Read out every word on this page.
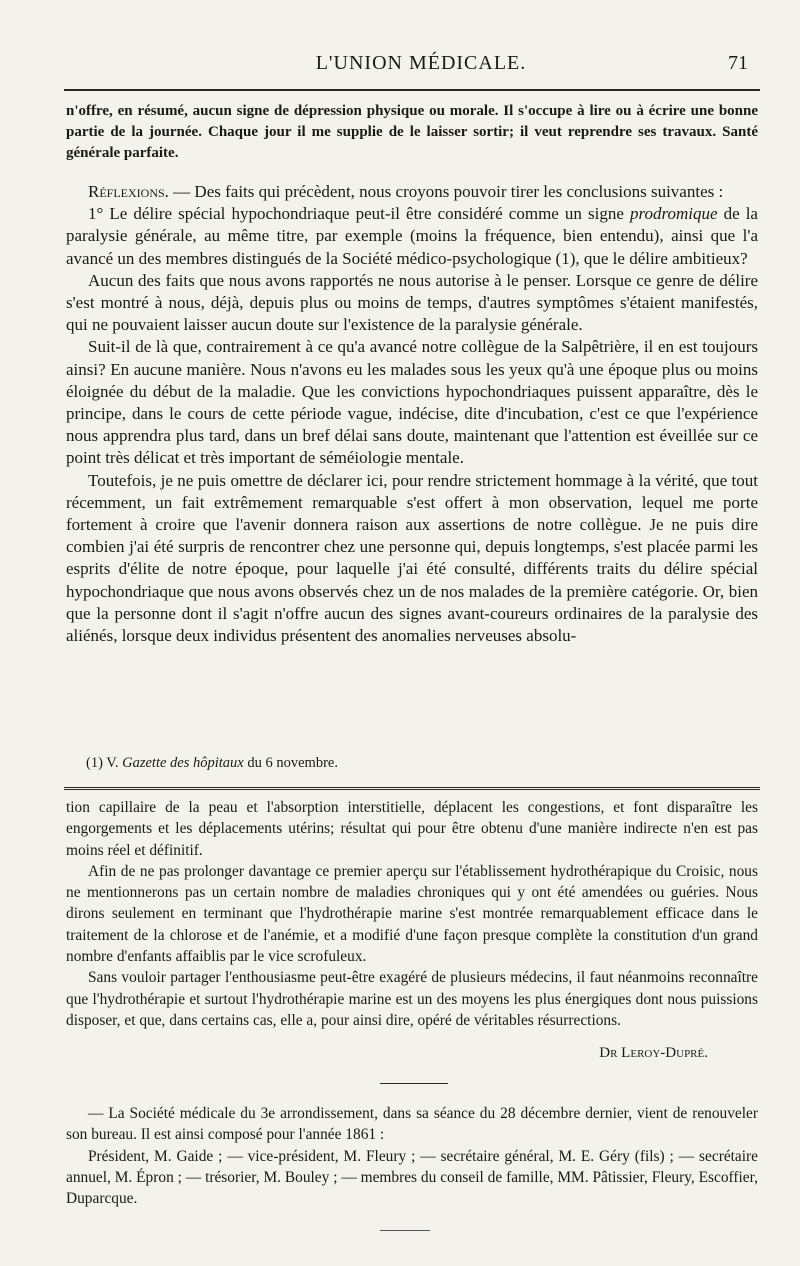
L'UNION MÉDICALE.	71

n'offre, en résumé, aucun signe de dépression physique ou morale. Il s'occupe à lire ou à écrire une bonne partie de la journée. Chaque jour il me supplie de le laisser sortir; il veut reprendre ses travaux. Santé générale parfaite.

Réflexions. — Des faits qui précèdent, nous croyons pouvoir tirer les conclusions suivantes :

1° Le délire spécial hypochondriaque peut-il être considéré comme un signe prodromique de la paralysie générale, au même titre, par exemple (moins la fréquence, bien entendu), ainsi que l'a avancé un des membres distingués de la Société médico-psychologique (1), que le délire ambitieux?

Aucun des faits que nous avons rapportés ne nous autorise à le penser. Lorsque ce genre de délire s'est montré à nous, déjà, depuis plus ou moins de temps, d'autres symptômes s'étaient manifestés, qui ne pouvaient laisser aucun doute sur l'existence de la paralysie générale.

Suit-il de là que, contrairement à ce qu'a avancé notre collègue de la Salpêtrière, il en est toujours ainsi? En aucune manière. Nous n'avons eu les malades sous les yeux qu'à une époque plus ou moins éloignée du début de la maladie. Que les convictions hypochondriaques puissent apparaître, dès le principe, dans le cours de cette période vague, indécise, dite d'incubation, c'est ce que l'expérience nous apprendra plus tard, dans un bref délai sans doute, maintenant que l'attention est éveillée sur ce point très délicat et très important de séméiologie mentale.

Toutefois, je ne puis omettre de déclarer ici, pour rendre strictement hommage à la vérité, que tout récemment, un fait extrêmement remarquable s'est offert à mon observation, lequel me porte fortement à croire que l'avenir donnera raison aux assertions de notre collègue. Je ne puis dire combien j'ai été surpris de rencontrer chez une personne qui, depuis longtemps, s'est placée parmi les esprits d'élite de notre époque, pour laquelle j'ai été consulté, différents traits du délire spécial hypochondriaque que nous avons observés chez un de nos malades de la première catégorie. Or, bien que la personne dont il s'agit n'offre aucun des signes avant-coureurs ordinaires de la paralysie des aliénés, lorsque deux individus présentent des anomalies nerveuses absolu-

(1) V. Gazette des hôpitaux du 6 novembre.

tion capillaire de la peau et l'absorption interstitielle, déplacent les congestions, et font disparaître les engorgements et les déplacements utérins; résultat qui pour être obtenu d'une manière indirecte n'en est pas moins réel et définitif.

Afin de ne pas prolonger davantage ce premier aperçu sur l'établissement hydrothérapique du Croisic, nous ne mentionnerons pas un certain nombre de maladies chroniques qui y ont été amendées ou guéries. Nous dirons seulement en terminant que l'hydrothérapie marine s'est montrée remarquablement efficace dans le traitement de la chlorose et de l'anémie, et a modifié d'une façon presque complète la constitution d'un grand nombre d'enfants affaiblis par le vice scrofuleux.

Sans vouloir partager l'enthousiasme peut-être exagéré de plusieurs médecins, il faut néanmoins reconnaître que l'hydrothérapie et surtout l'hydrothérapie marine est un des moyens les plus énergiques dont nous puissions disposer, et que, dans certains cas, elle a, pour ainsi dire, opéré de véritables résurrections.

Dr Leroy-Dupré.

— La Société médicale du 3e arrondissement, dans sa séance du 28 décembre dernier, vient de renouveler son bureau. Il est ainsi composé pour l'année 1861 :

Président, M. Gaide ; — vice-président, M. Fleury ; — secrétaire général, M. E. Géry (fils) ; — secrétaire annuel, M. Épron ; — trésorier, M. Bouley ; — membres du conseil de famille, MM. Pâtissier, Fleury, Escoffier, Duparcque.
